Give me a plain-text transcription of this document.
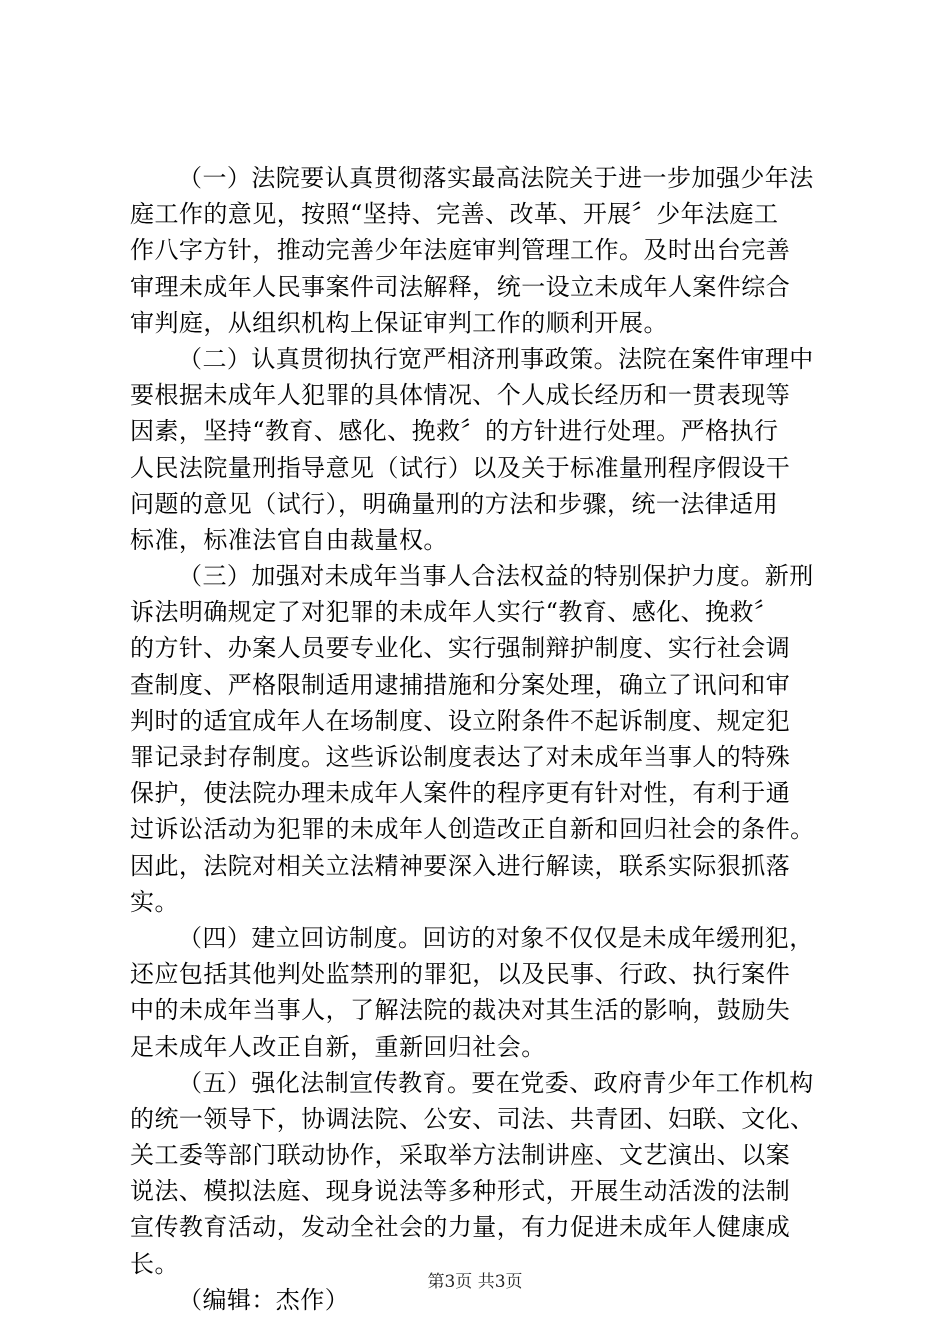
（一）法院要认真贯彻落实最高法院关于进一步加强少年法
庭工作的意见，按照“坚持、完善、改革、开展〞少年法庭工
作八字方针，推动完善少年法庭审判管理工作。及时出台完善
审理未成年人民事案件司法解释，统一设立未成年人案件综合
审判庭，从组织机构上保证审判工作的顺利开展。
（二）认真贯彻执行宽严相济刑事政策。法院在案件审理中
要根据未成年人犯罪的具体情况、个人成长经历和一贯表现等
因素，坚持“教育、感化、挽救〞的方针进行处理。严格执行
人民法院量刑指导意见（试行）以及关于标准量刑程序假设干
问题的意见（试行），明确量刑的方法和步骤，统一法律适用
标准，标准法官自由裁量权。
（三）加强对未成年当事人合法权益的特别保护力度。新刑
诉法明确规定了对犯罪的未成年人实行“教育、感化、挽救〞
的方针、办案人员要专业化、实行强制辩护制度、实行社会调
查制度、严格限制适用逮捕措施和分案处理，确立了讯问和审
判时的适宜成年人在场制度、设立附条件不起诉制度、规定犯
罪记录封存制度。这些诉讼制度表达了对未成年当事人的特殊
保护，使法院办理未成年人案件的程序更有针对性，有利于通
过诉讼活动为犯罪的未成年人创造改正自新和回归社会的条件。
因此，法院对相关立法精神要深入进行解读，联系实际狠抓落
实。
（四）建立回访制度。回访的对象不仅仅是未成年缓刑犯，
还应包括其他判处监禁刑的罪犯，以及民事、行政、执行案件
中的未成年当事人，了解法院的裁决对其生活的影响，鼓励失
足未成年人改正自新，重新回归社会。
（五）强化法制宣传教育。要在党委、政府青少年工作机构
的统一领导下，协调法院、公安、司法、共青团、妇联、文化、
关工委等部门联动协作，采取举方法制讲座、文艺演出、以案
说法、模拟法庭、现身说法等多种形式，开展生动活泼的法制
宣传教育活动，发动全社会的力量，有力促进未成年人健康成
长。
（编辑：杰作）
第3页 共3页
